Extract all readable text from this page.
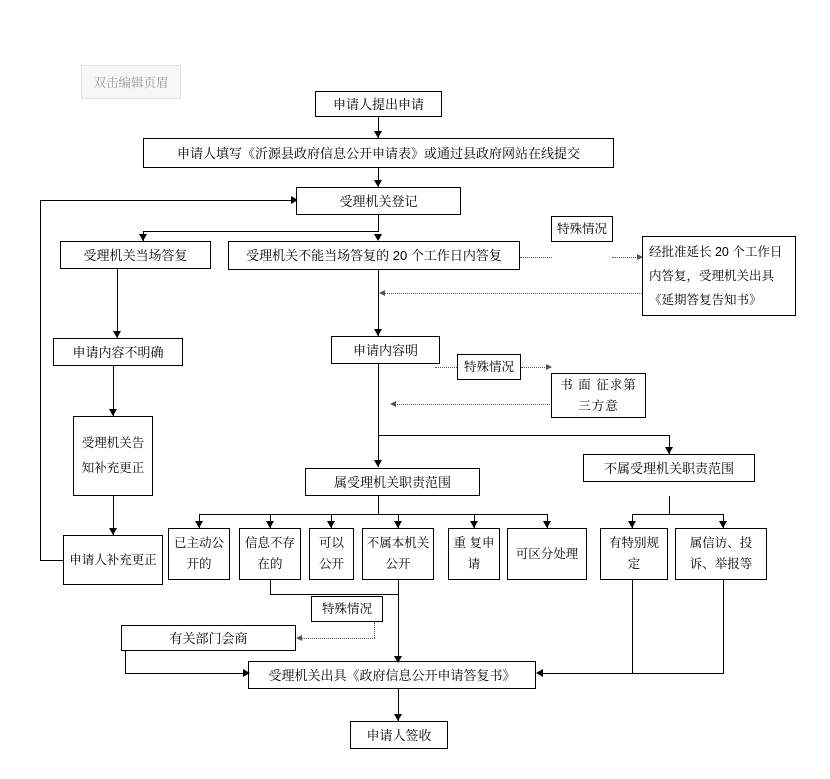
双击编辑页眉
申请人提出申请
申请人填写《沂源县政府信息公开申请表》或通过县政府网站在线提交
受理机关登记
受理机关当场答复	受理机关不能当场答复的 20 个工作日内答复
特殊情况
经批准延长 20 个工作日内答复，受理机关出具《延期答复告知书》
申请内容不明确	申请内容明
特殊情况
书 面 征求第三方意
受理机关告知补充更正
申请人补充更正
属受理机关职责范围
不属受理机关职责范围
已主动公开的
信息不存在的
可以公开
不属本机关公开
重 复申请
可区分处理
有特别规定
属信访、投诉、举报等
特殊情况
有关部门会商
受理机关出具《政府信息公开申请答复书》
申请人签收
